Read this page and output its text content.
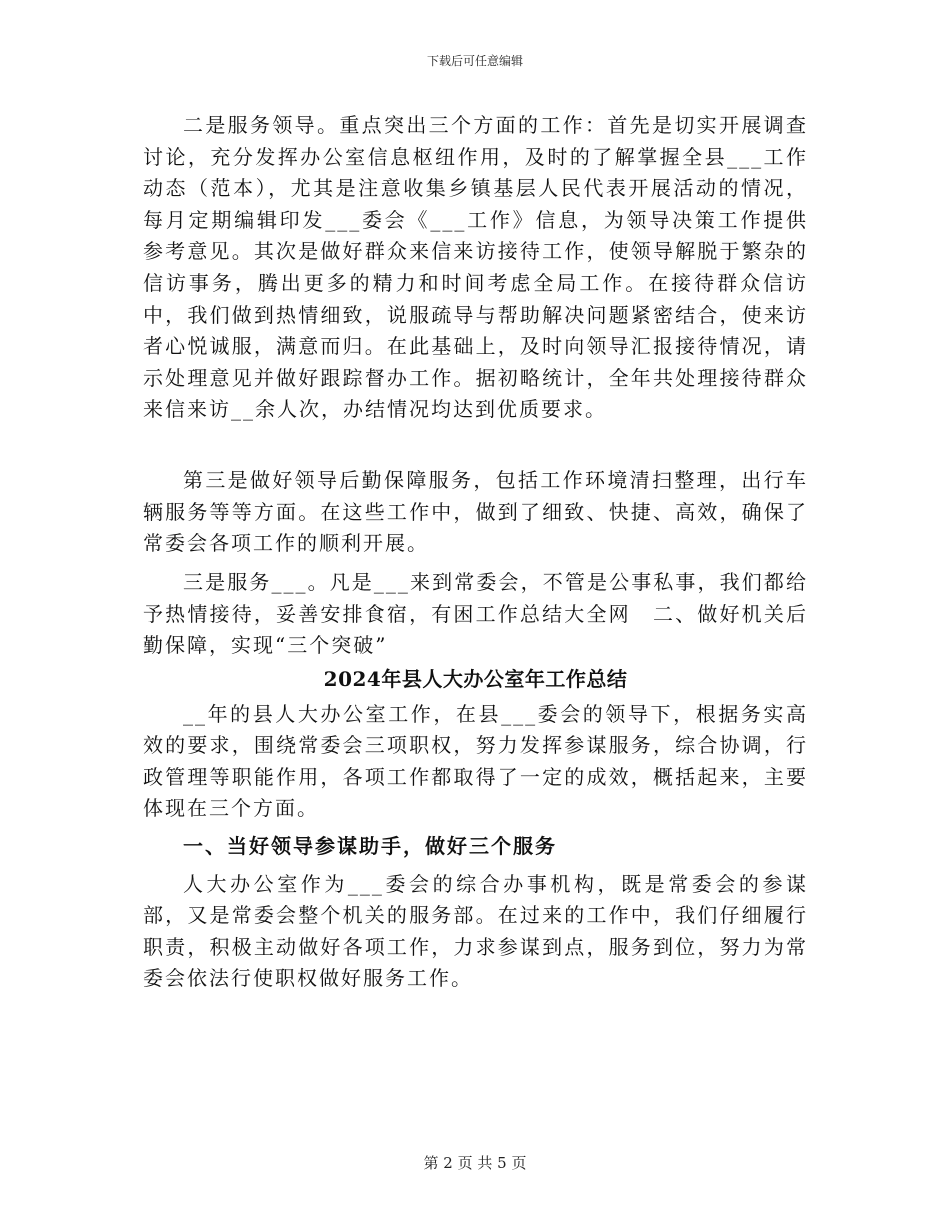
下载后可任意编辑

二是服务领导。重点突出三个方面的工作：首先是切实开展调查讨论，充分发挥办公室信息枢纽作用，及时的了解掌握全县___工作动态（范本），尤其是注意收集乡镇基层人民代表开展活动的情况，每月定期编辑印发___委会《___工作》信息，为领导决策工作提供参考意见。其次是做好群众来信来访接待工作，使领导解脱于繁杂的信访事务，腾出更多的精力和时间考虑全局工作。在接待群众信访中，我们做到热情细致，说服疏导与帮助解决问题紧密结合，使来访者心悦诚服，满意而归。在此基础上，及时向领导汇报接待情况，请示处理意见并做好跟踪督办工作。据初略统计，全年共处理接待群众来信来访__余人次，办结情况均达到优质要求。

第三是做好领导后勤保障服务，包括工作环境清扫整理，出行车辆服务等等方面。在这些工作中，做到了细致、快捷、高效，确保了常委会各项工作的顺利开展。

三是服务___。凡是___来到常委会，不管是公事私事，我们都给予热情接待，妥善安排食宿，有困工作总结大全网　二、做好机关后勤保障，实现“三个突破”

2024年县人大办公室年工作总结

__年的县人大办公室工作，在县___委会的领导下，根据务实高效的要求，围绕常委会三项职权，努力发挥参谋服务，综合协调，行政管理等职能作用，各项工作都取得了一定的成效，概括起来，主要体现在三个方面。

一、当好领导参谋助手，做好三个服务

人大办公室作为___委会的综合办事机构，既是常委会的参谋部，又是常委会整个机关的服务部。在过来的工作中，我们仔细履行职责，积极主动做好各项工作，力求参谋到点，服务到位，努力为常委会依法行使职权做好服务工作。

第 2 页 共 5 页
